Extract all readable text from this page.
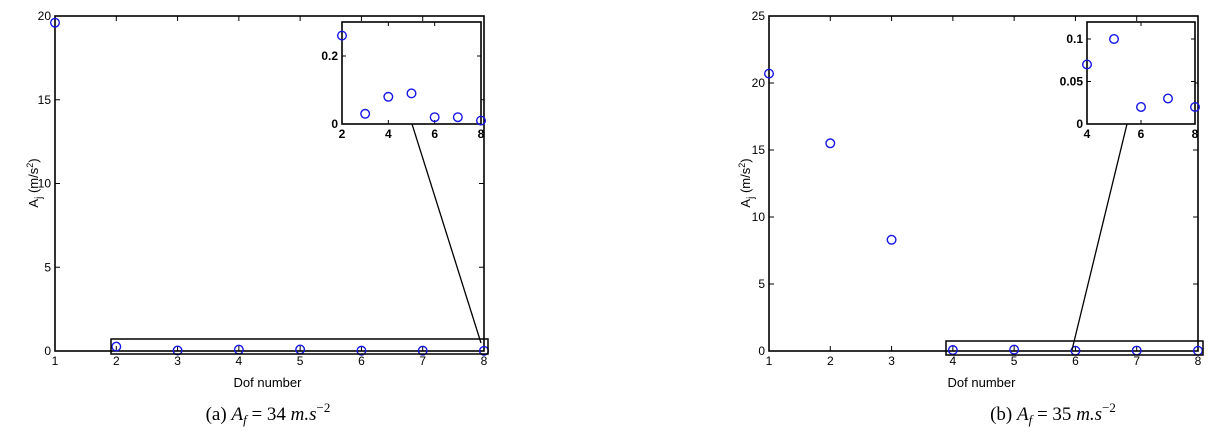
1	2	3	4	5	6	7	8
0
5
10
15
20
2	4	6	8
0
0.2
Dof number
$A_j$ $(m/s^2)$
(a) $A_f = 34$ $m.s^{-2}$
1	2	3	4	5	6	7	8
0
5
10
15
20
25
4	6	8
0
0.05
0.1
Dof number
$A_j$ $(m/s^2)$
(b) $A_f = 35$ $m.s^{-2}$
